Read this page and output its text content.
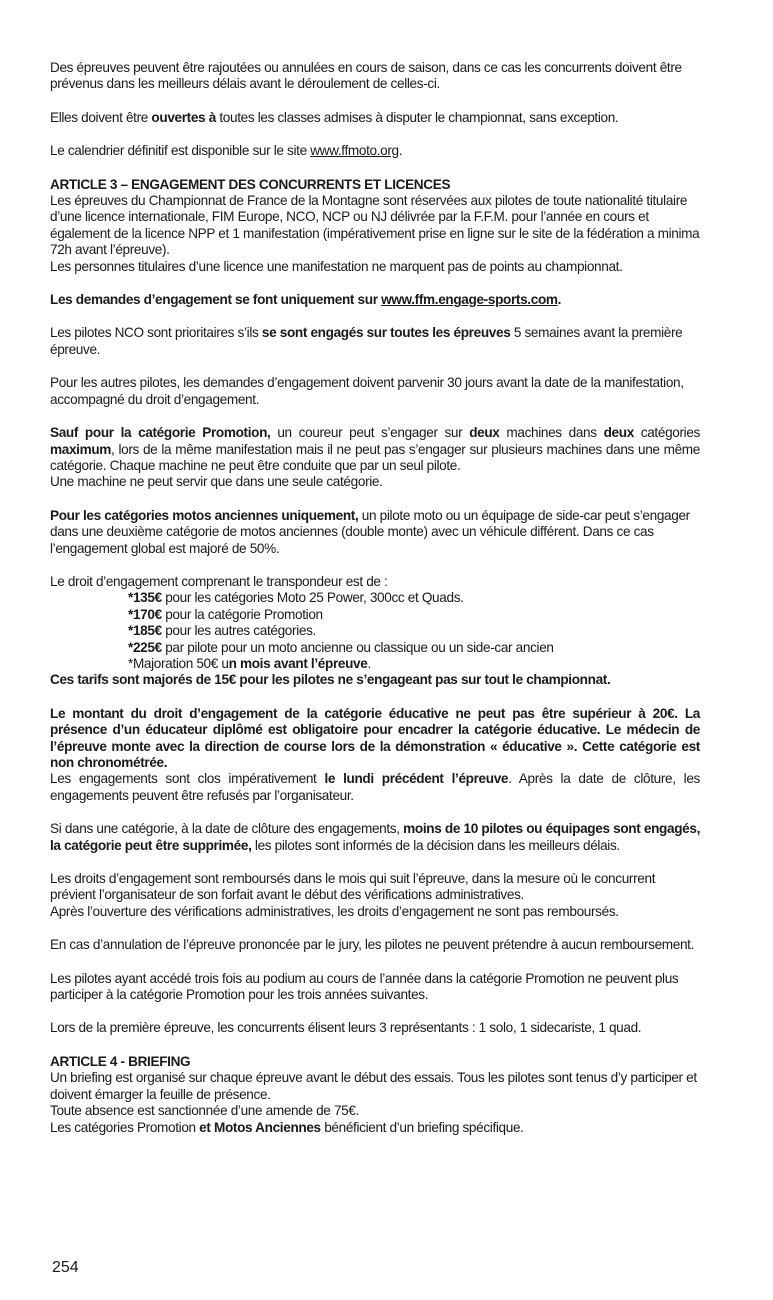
Des épreuves peuvent être rajoutées ou annulées en cours de saison, dans ce cas les concurrents doivent être prévenus dans les meilleurs délais avant le déroulement de celles-ci.

Elles doivent être ouvertes à toutes les classes admises à disputer le championnat, sans exception.

Le calendrier définitif est disponible sur le site www.ffmoto.org.

ARTICLE 3 – ENGAGEMENT DES CONCURRENTS ET LICENCES

Les épreuves du Championnat de France de la Montagne sont réservées aux pilotes de toute nationalité titulaire d’une licence internationale, FIM Europe, NCO, NCP ou NJ délivrée par la F.F.M. pour l’année en cours et également de la licence NPP et 1 manifestation (impérativement prise en ligne sur le site de la fédération a minima 72h avant l’épreuve).

Les personnes titulaires d’une licence une manifestation ne marquent pas de points au championnat.

Les demandes d’engagement se font uniquement sur www.ffm.engage-sports.com.

Les pilotes NCO sont prioritaires s’ils se sont engagés sur toutes les épreuves 5 semaines avant la première épreuve.

Pour les autres pilotes, les demandes d’engagement doivent parvenir 30 jours avant la date de la manifestation, accompagné du droit d’engagement.

Sauf pour la catégorie Promotion, un coureur peut s’engager sur deux machines dans deux catégories maximum, lors de la même manifestation mais il ne peut pas s’engager sur plusieurs machines dans une même catégorie. Chaque machine ne peut être conduite que par un seul pilote.

Une machine ne peut servir que dans une seule catégorie.

Pour les catégories motos anciennes uniquement, un pilote moto ou un équipage de side-car peut s’engager dans une deuxième catégorie de motos anciennes (double monte) avec un véhicule différent. Dans ce cas l’engagement global est majoré de 50%.

Le droit d’engagement comprenant le transpondeur est de :

*135€ pour les catégories Moto 25 Power, 300cc et Quads.
*170€ pour la catégorie Promotion
*185€ pour les autres catégories.
*225€ par pilote pour un moto ancienne ou classique ou un side-car ancien
*Majoration 50€ un mois avant l’épreuve.

Ces tarifs sont majorés de 15€ pour les pilotes ne s’engageant pas sur tout le championnat.

Le montant du droit d’engagement de la catégorie éducative ne peut pas être supérieur à 20€. La présence d’un éducateur diplômé est obligatoire pour encadrer la catégorie éducative. Le médecin de l’épreuve monte avec la direction de course lors de la démonstration « éducative ». Cette catégorie est non chronométrée.

Les engagements sont clos impérativement le lundi précédent l’épreuve. Après la date de clôture, les engagements peuvent être refusés par l’organisateur.

Si dans une catégorie, à la date de clôture des engagements, moins de 10 pilotes ou équipages sont engagés, la catégorie peut être supprimée, les pilotes sont informés de la décision dans les meilleurs délais.

Les droits d’engagement sont remboursés dans le mois qui suit l’épreuve, dans la mesure où le concurrent prévient l’organisateur de son forfait avant le début des vérifications administratives.

Après l’ouverture des vérifications administratives, les droits d’engagement ne sont pas remboursés.

En cas d’annulation de l’épreuve prononcée par le jury, les pilotes ne peuvent prétendre à aucun remboursement.

Les pilotes ayant accédé trois fois au podium au cours de l’année dans la catégorie Promotion ne peuvent plus participer à la catégorie Promotion pour les trois années suivantes.

Lors de la première épreuve, les concurrents élisent leurs 3 représentants : 1 solo, 1 sidecariste, 1 quad.

ARTICLE 4 - BRIEFING

Un briefing est organisé sur chaque épreuve avant le début des essais. Tous les pilotes sont tenus d’y participer et doivent émarger la feuille de présence.

Toute absence est sanctionnée d’une amende de 75€.

Les catégories Promotion et Motos Anciennes bénéficient d’un briefing spécifique.

254
